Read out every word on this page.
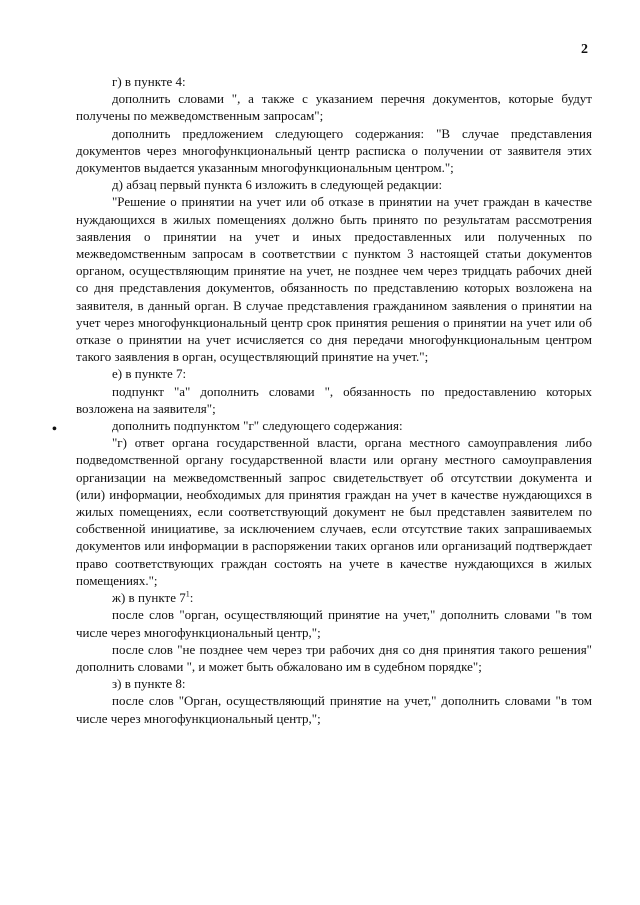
2
•

г) в пункте 4:

дополнить словами ", а также с указанием перечня документов, которые будут получены по межведомственным запросам";

дополнить предложением следующего содержания: "В случае представления документов через многофункциональный центр расписка о получении от заявителя этих документов выдается указанным многофункциональным центром.";

д) абзац первый пункта 6 изложить в следующей редакции:

"Решение о принятии на учет или об отказе в принятии на учет граждан в качестве нуждающихся в жилых помещениях должно быть принято по результатам рассмотрения заявления о принятии на учет и иных предоставленных или полученных по межведомственным запросам в соответствии с пунктом 3 настоящей статьи документов органом, осуществляющим принятие на учет, не позднее чем через тридцать рабочих дней со дня представления документов, обязанность по представлению которых возложена на заявителя, в данный орган. В случае представления гражданином заявления о принятии на учет через многофункциональный центр срок принятия решения о принятии на учет или об отказе о принятии на учет исчисляется со дня передачи многофункциональным центром такого заявления в орган, осуществляющий принятие на учет.";

е) в пункте 7:

подпункт "а" дополнить словами ", обязанность по предоставлению которых возложена на заявителя";

дополнить подпунктом "г" следующего содержания:

"г) ответ органа государственной власти, органа местного самоуправления либо подведомственной органу государственной власти или органу местного самоуправления организации на межведомственный запрос свидетельствует об отсутствии документа и (или) информации, необходимых для принятия граждан на учет в качестве нуждающихся в жилых помещениях, если соответствующий документ не был представлен заявителем по собственной инициативе, за исключением случаев, если отсутствие таких запрашиваемых документов или информации в распоряжении таких органов или организаций подтверждает право соответствующих граждан состоять на учете в качестве нуждающихся в жилых помещениях.";

ж) в пункте $7^1$:

после слов "орган, осуществляющий принятие на учет," дополнить словами "в том числе через многофункциональный центр,";

после слов "не позднее чем через три рабочих дня со дня принятия такого решения" дополнить словами ", и может быть обжаловано им в судебном порядке";

з) в пункте 8:

после слов "Орган, осуществляющий принятие на учет," дополнить словами "в том числе через многофункциональный центр,";
